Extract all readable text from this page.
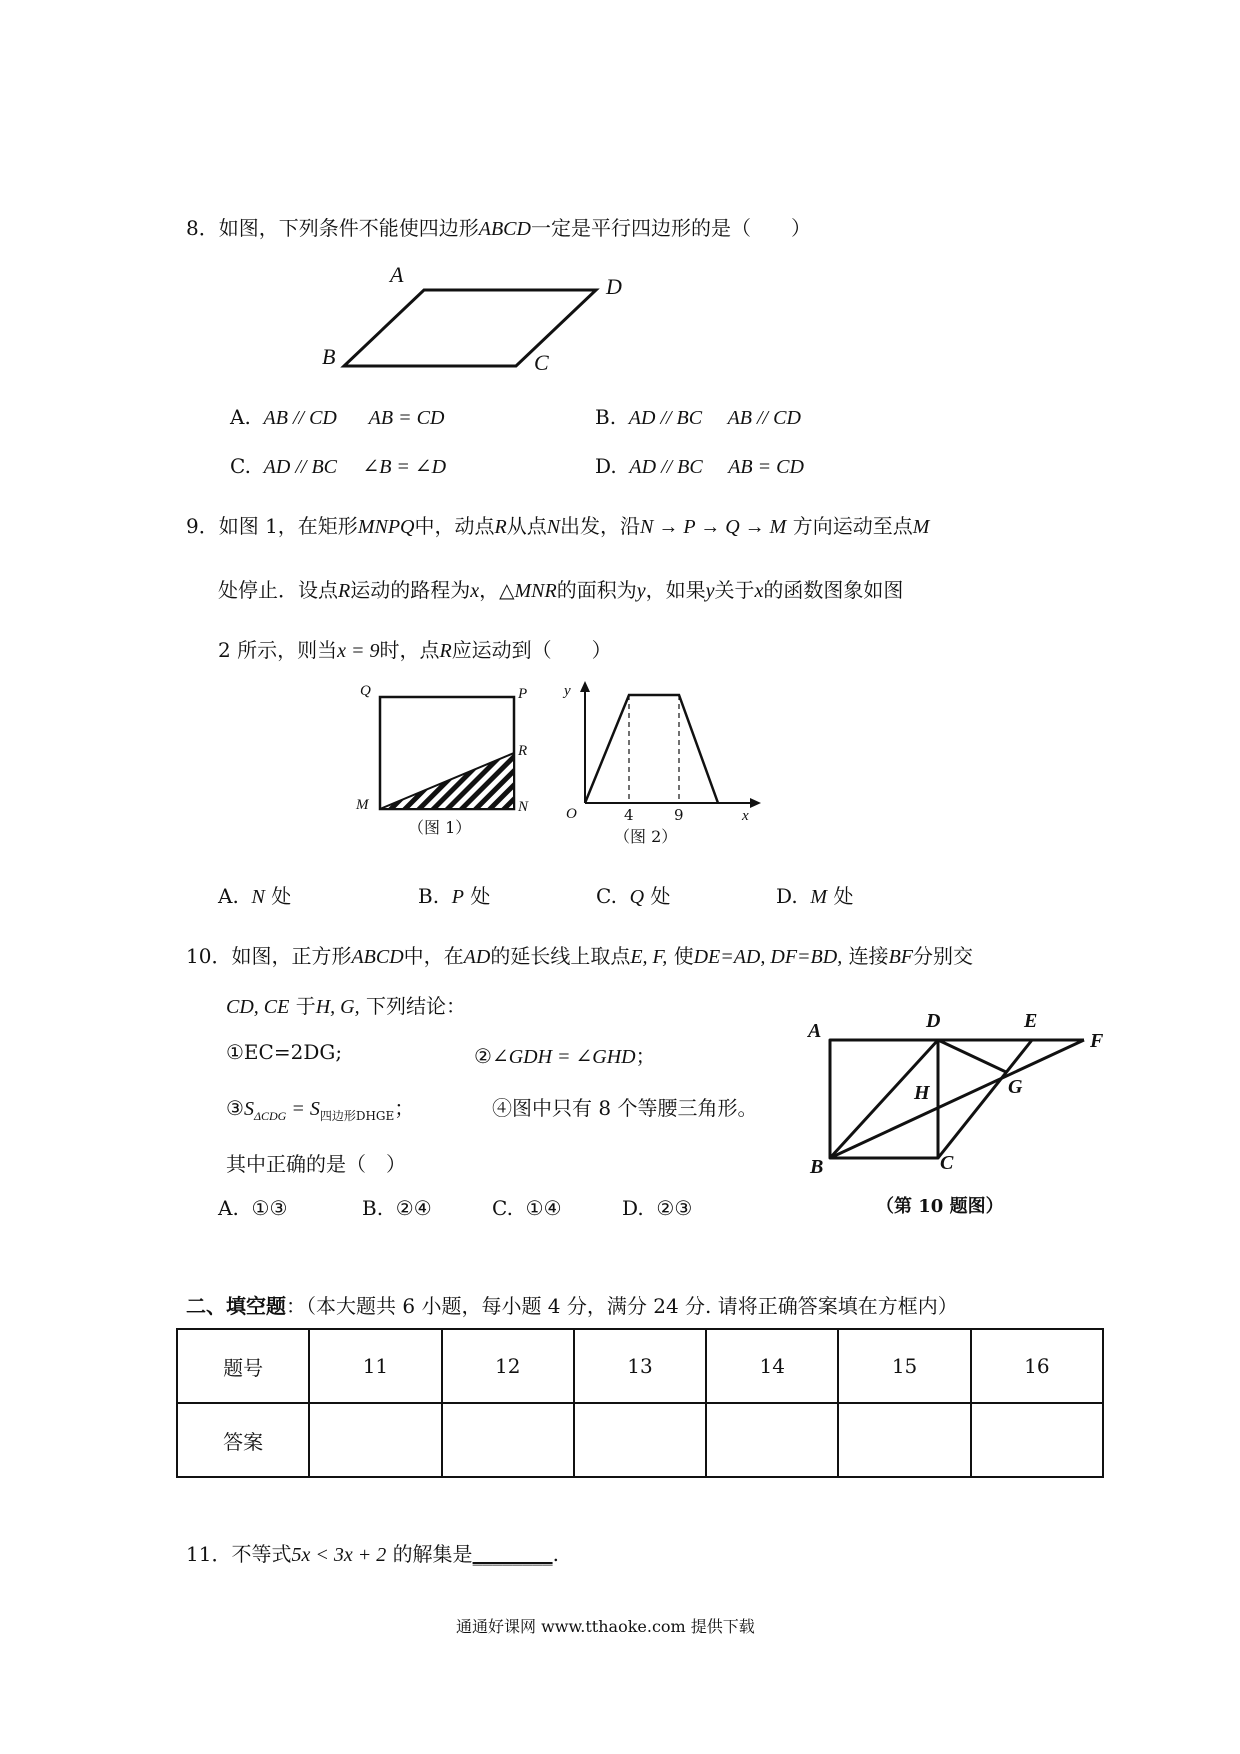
8．如图，下列条件不能使四边形ABCD一定是平行四边形的是（　　）
A	D
B	C
A. AB // CD AB = CD	B. AD // BC AB // CD
C. AD // BC ∠B = ∠D	D. AD // BC AB = CD
9．如图 1，在矩形MNPQ中，动点R从点N出发，沿N → P → Q → M 方向运动至点M
处停止．设点R运动的路程为x，△MNR的面积为y，如果y关于x的函数图象如图
2 所示，则当x = 9时，点R应运动到（　　）
Q	P
R
M	N
（图 1）
y
O	4	9	x
（图 2）
A. N 处	B. P 处	C. Q 处	D. M 处
10．如图，正方形ABCD中，在AD的延长线上取点E, F, 使DE=AD, DF=BD, 连接BF分别交
CD, CE 于H, G, 下列结论：
①EC=2DG;	②∠GDH = ∠GHD；
$③S_{\Delta CDG} = S_{四边形DHGE}$；	④图中只有 8 个等腰三角形。
其中正确的是（　）
A. ①③	B. ②④	C. ①④	D. ②③
A	D	E
F
H	G
B	C
（第 10 题图）
二、填空题：（本大题共 6 小题，每小题 4 分，满分 24 分. 请将正确答案填在方框内）
题号	11	12	13	14	15	16
答案						
11．不等式5x < 3x + 2 的解集是________.
通通好课网 www.tthaoke.com 提供下载
